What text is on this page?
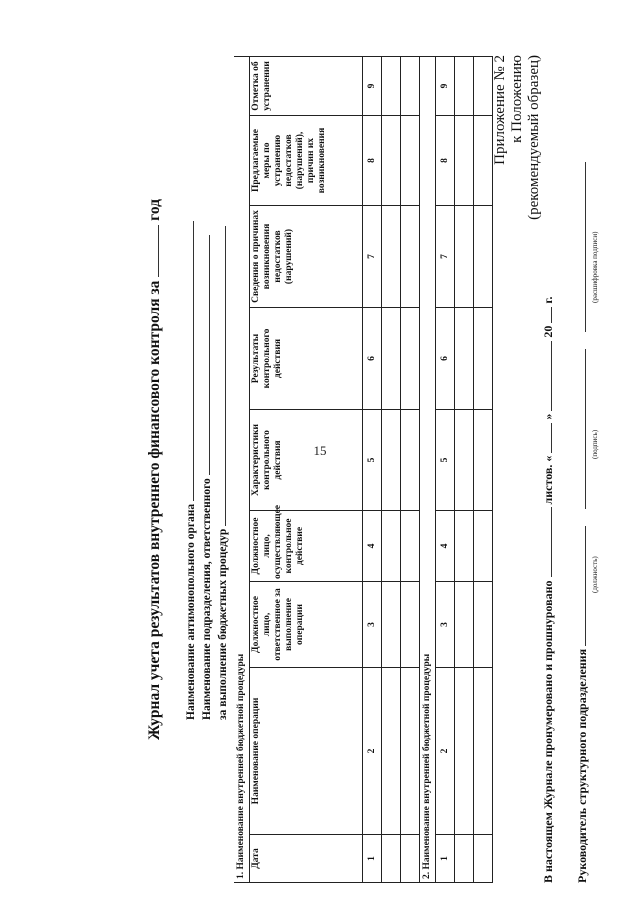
15
Приложение № 2 к Положению (рекомендуемый образец)
Журнал учета результатов внутреннего финансового контроля за  год
Наименование антимонопольного органа Наименование подразделения, ответственного за выполнение бюджетных процедур
1. Наименование внутренней бюджетной процедуры								
Дата	Наименование операции	Должностное лицо, ответственное за выполнение операции	Должностное лицо, осуществляющее контрольное действие	Характеристики контрольного действия	Результаты контрольного действия	Сведения о причинах возникновения недостатков (нарушений)	Предлагаемые меры по устранению недостатков (нарушений), причин их возникновения	Отметка об устранении
1	2	3	4	5	6	7	8	9

2. Наименование внутренней бюджетной процедуры								
1	2	3	4	5	6	7	8	9

В настоящем Журнале пронумеровано и прошнуровано  листов. «  »  20  г.
Руководитель структурного подразделения
(должность)
(подпись)
(расшифровка подписи)
